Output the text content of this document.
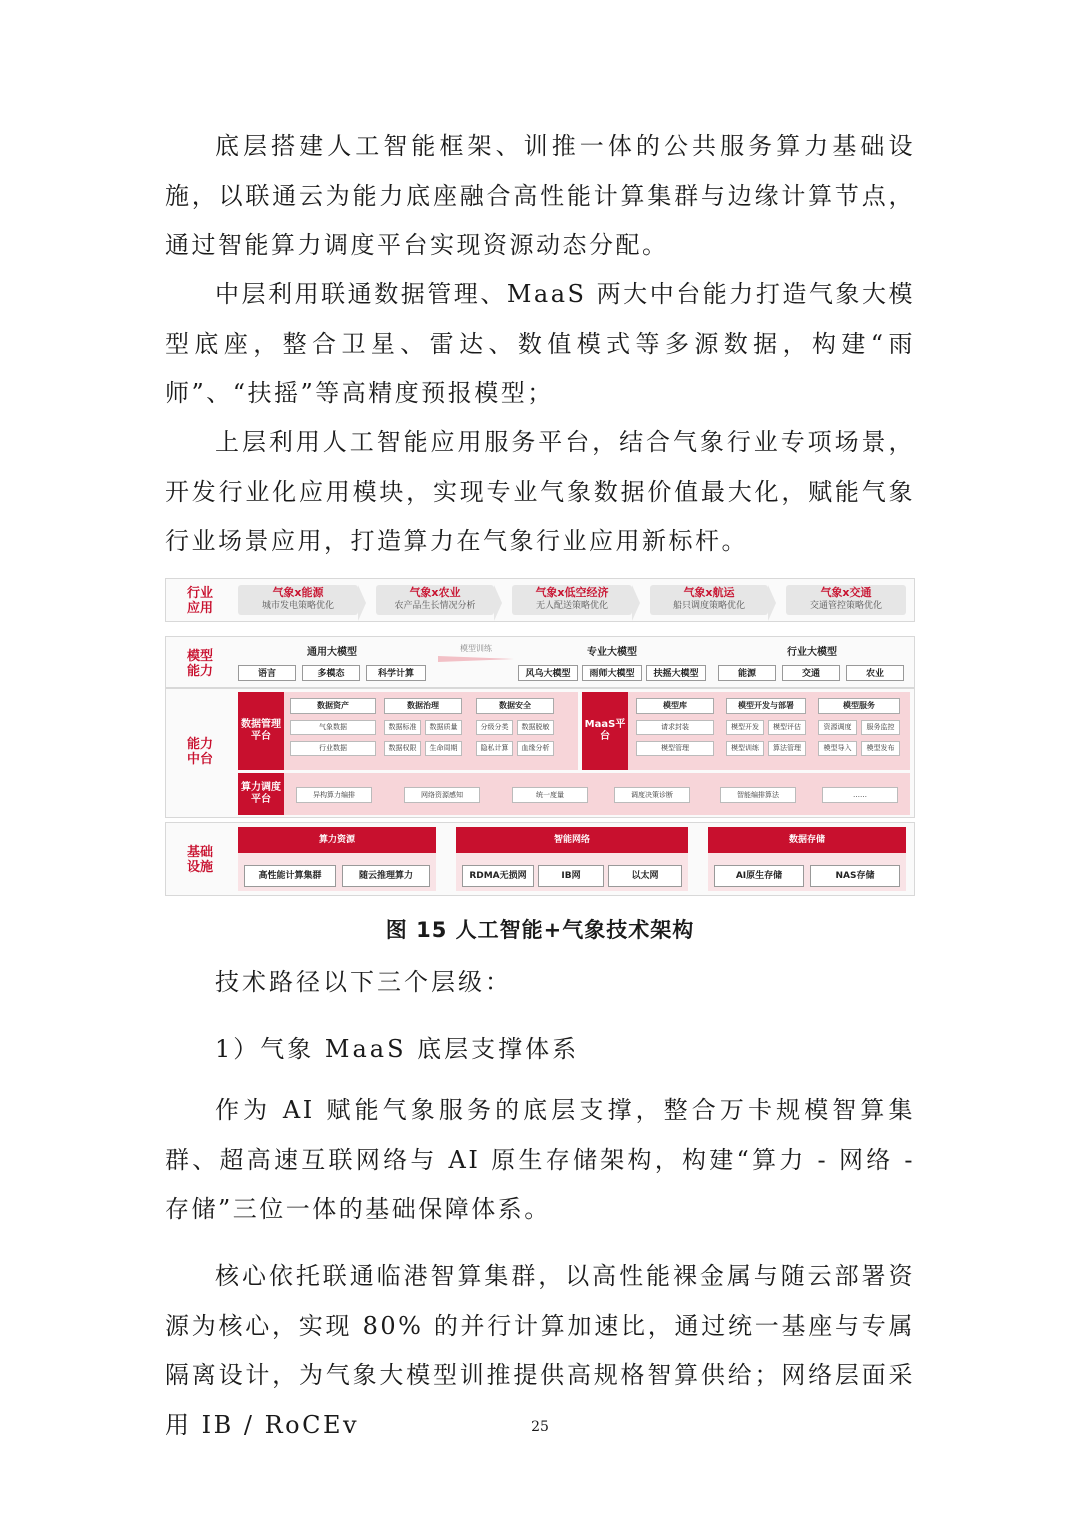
底层搭建人工智能框架、训推一体的公共服务算力基础设施，以联通云为能力底座融合高性能计算集群与边缘计算节点，通过智能算力调度平台实现资源动态分配。

中层利用联通数据管理、MaaS 两大中台能力打造气象大模型底座，整合卫星、雷达、数值模式等多源数据，构建“雨师”、“扶摇”等高精度预报模型；

上层利用人工智能应用服务平台，结合气象行业专项场景，开发行业化应用模块，实现专业气象数据价值最大化，赋能气象行业场景应用，打造算力在气象行业应用新标杆。

行业
应用
气象x能源
城市发电策略优化
气象x农业
农产品生长情况分析
气象x低空经济
无人配送策略优化
气象x航运
船只调度策略优化
气象x交通
交通管控策略优化
模型
能力
通用大模型
语言	多模态	科学计算
模型训练	专业大模型
风乌大模型	雨师大模型	扶摇大模型
行业大模型
能源	交通	农业
能力
中台
数据管理平台
数据资产
气象数据
行业数据
数据治理
数据标准	数据质量
数据权限	生命周期
数据安全
分级分类	数据脱敏
隐私计算	血缘分析
MaaS平台
模型库
请求封装
模型管理
模型开发与部署
模型开发	模型评估
模型训练	算法管理
模型服务
资源调度	服务监控
模型导入	模型发布
算力调度平台	异构算力编排	网络资源感知	统一度量	调度决策诊断	智能编排算法	……
基础
设施
算力资源
高性能计算集群	随云推理算力
智能网络
RDMA无损网	IB网	以太网
数据存储
AI原生存储	NAS存储
图 15 人工智能+气象技术架构

技术路径以下三个层级：

1）气象 MaaS 底层支撑体系

作为 AI 赋能气象服务的底层支撑，整合万卡规模智算集群、超高速互联网络与 AI 原生存储架构，构建“算力 - 网络 - 存储”三位一体的基础保障体系。

核心依托联通临港智算集群，以高性能裸金属与随云部署资源为核心，实现 80% 的并行计算加速比，通过统一基座与专属隔离设计，为气象大模型训推提供高规格智算供给；网络层面采用 IB / RoCEv	25
